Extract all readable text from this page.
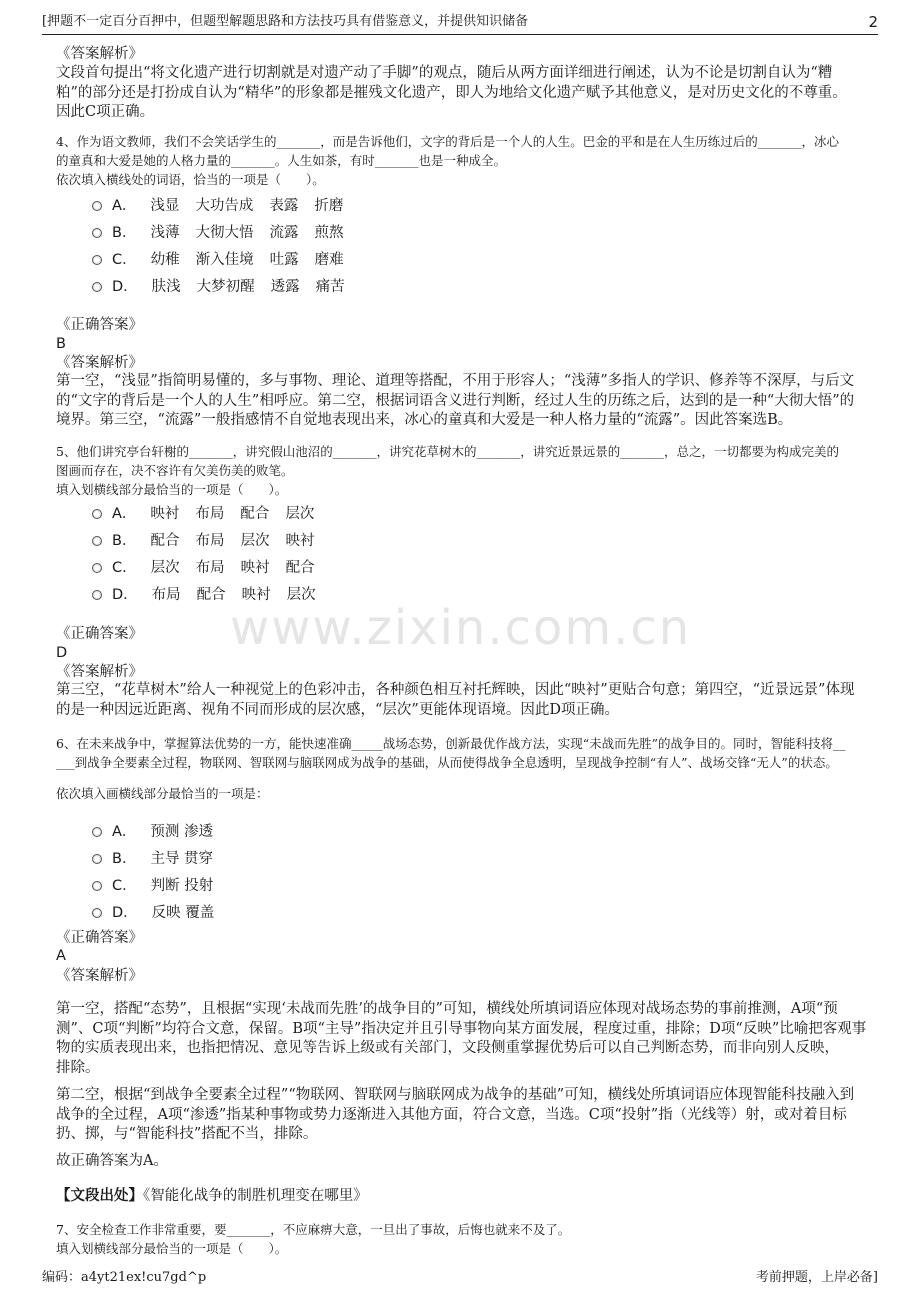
[押题不一定百分百押中，但题型解题思路和方法技巧具有借鉴意义，并提供知识储备	2
www.zixin.com.cn
《答案解析》
文段首句提出“将文化遗产进行切割就是对遗产动了手脚”的观点，随后从两方面详细进行阐述，认为不论是切割自认为“糟
粕”的部分还是打扮成自认为“精华”的形象都是摧残文化遗产，即人为地给文化遗产赋予其他意义，是对历史文化的不尊重。
因此C项正确。
4、作为语文教师，我们不会笑话学生的_______，而是告诉他们，文字的背后是一个人的人生。巴金的平和是在人生历练过后的_______，冰心
的童真和大爱是她的人格力量的_______。人生如茶，有时_______也是一种成全。
依次填入横线处的词语，恰当的一项是（　　）。
A． 浅显 大功告成 表露 折磨
B． 浅薄 大彻大悟 流露 煎熬
C． 幼稚 渐入佳境 吐露 磨难
D． 肤浅 大梦初醒 透露 痛苦
《正确答案》
B
《答案解析》
第一空，“浅显”指简明易懂的，多与事物、理论、道理等搭配，不用于形容人；“浅薄”多指人的学识、修养等不深厚，与后文
的“文字的背后是一个人的人生”相呼应。第二空，根据词语含义进行判断，经过人生的历练之后，达到的是一种“大彻大悟”的
境界。第三空，“流露”一般指感情不自觉地表现出来，冰心的童真和大爱是一种人格力量的“流露”。因此答案选B。
5、他们讲究亭台轩榭的_______，讲究假山池沼的_______，讲究花草树木的_______，讲究近景远景的_______，总之，一切都要为构成完美的
图画而存在，决不容许有欠美伤美的败笔。
填入划横线部分最恰当的一项是（　　）。
A． 映衬 布局 配合 层次
B． 配合 布局 层次 映衬
C． 层次 布局 映衬 配合
D． 布局 配合 映衬 层次
《正确答案》
D
《答案解析》
第三空，“花草树木”给人一种视觉上的色彩冲击，各种颜色相互衬托辉映，因此“映衬”更贴合句意；第四空，“近景远景”体现
的是一种因远近距离、视角不同而形成的层次感，“层次”更能体现语境。因此D项正确。
6、在未来战争中，掌握算法优势的一方，能快速准确_____战场态势，创新最优作战方法，实现“未战而先胜”的战争目的。同时，智能科技将__
___到战争全要素全过程，物联网、智联网与脑联网成为战争的基础，从而使得战争全息透明，呈现战争控制“有人”、战场交锋“无人”的状态。
依次填入画横线部分最恰当的一项是：
A． 预测 渗透
B． 主导 贯穿
C． 判断 投射
D． 反映 覆盖
《正确答案》
A
《答案解析》
第一空，搭配“态势”，且根据“实现‘未战而先胜’的战争目的”可知，横线处所填词语应体现对战场态势的事前推测，A项“预
测”、C项“判断”均符合文意，保留。B项“主导”指决定并且引导事物向某方面发展，程度过重，排除；D项“反映”比喻把客观事
物的实质表现出来，也指把情况、意见等告诉上级或有关部门，文段侧重掌握优势后可以自己判断态势，而非向别人反映，
排除。
第二空，根据“到战争全要素全过程”“物联网、智联网与脑联网成为战争的基础”可知，横线处所填词语应体现智能科技融入到
战争的全过程，A项“渗透”指某种事物或势力逐渐进入其他方面，符合文意，当选。C项“投射”指（光线等）射，或对着目标
扔、掷，与“智能科技”搭配不当，排除。
故正确答案为A。
【文段出处】《智能化战争的制胜机理变在哪里》
7、安全检查工作非常重要，要_______，不应麻痹大意，一旦出了事故，后悔也就来不及了。
填入划横线部分最恰当的一项是（　　）。
编码：a4yt21ex!cu7gd^p	考前押题，上岸必备]
